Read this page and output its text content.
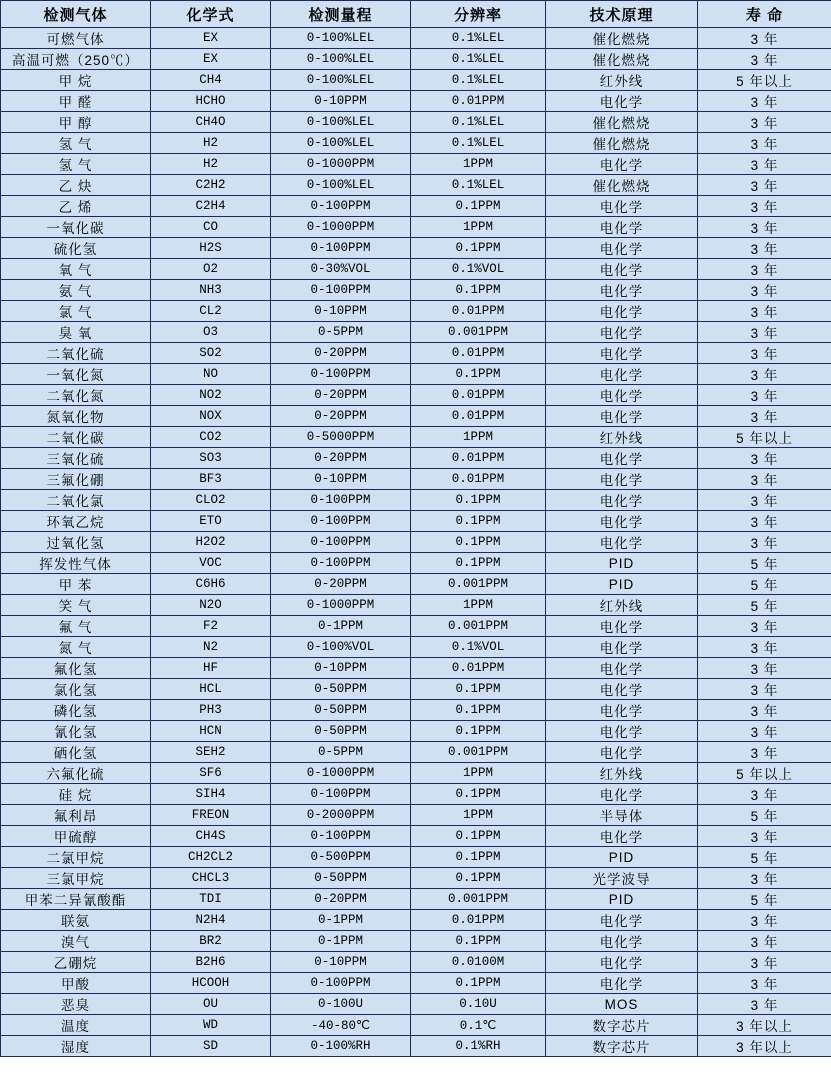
检测气体	化学式	检测量程	分辨率	技术原理	寿 命
可燃气体	EX	0-100%LEL	0.1%LEL	催化燃烧	3 年
高温可燃（250℃）	EX	0-100%LEL	0.1%LEL	催化燃烧	3 年
甲 烷	CH4	0-100%LEL	0.1%LEL	红外线	5 年以上
甲 醛	HCHO	0-10PPM	0.01PPM	电化学	3 年
甲 醇	CH4O	0-100%LEL	0.1%LEL	催化燃烧	3 年
氢 气	H2	0-100%LEL	0.1%LEL	催化燃烧	3 年
氢 气	H2	0-1000PPM	1PPM	电化学	3 年
乙 炔	C2H2	0-100%LEL	0.1%LEL	催化燃烧	3 年
乙 烯	C2H4	0-100PPM	0.1PPM	电化学	3 年
一氧化碳	CO	0-1000PPM	1PPM	电化学	3 年
硫化氢	H2S	0-100PPM	0.1PPM	电化学	3 年
氧 气	O2	0-30%VOL	0.1%VOL	电化学	3 年
氨 气	NH3	0-100PPM	0.1PPM	电化学	3 年
氯 气	CL2	0-10PPM	0.01PPM	电化学	3 年
臭 氧	O3	0-5PPM	0.001PPM	电化学	3 年
二氧化硫	SO2	0-20PPM	0.01PPM	电化学	3 年
一氧化氮	NO	0-100PPM	0.1PPM	电化学	3 年
二氧化氮	NO2	0-20PPM	0.01PPM	电化学	3 年
氮氧化物	NOX	0-20PPM	0.01PPM	电化学	3 年
二氧化碳	CO2	0-5000PPM	1PPM	红外线	5 年以上
三氧化硫	SO3	0-20PPM	0.01PPM	电化学	3 年
三氟化硼	BF3	0-10PPM	0.01PPM	电化学	3 年
二氧化氯	CLO2	0-100PPM	0.1PPM	电化学	3 年
环氧乙烷	ETO	0-100PPM	0.1PPM	电化学	3 年
过氧化氢	H2O2	0-100PPM	0.1PPM	电化学	3 年
挥发性气体	VOC	0-100PPM	0.1PPM	PID	5 年
甲 苯	C6H6	0-20PPM	0.001PPM	PID	5 年
笑 气	N2O	0-1000PPM	1PPM	红外线	5 年
氟 气	F2	0-1PPM	0.001PPM	电化学	3 年
氮 气	N2	0-100%VOL	0.1%VOL	电化学	3 年
氟化氢	HF	0-10PPM	0.01PPM	电化学	3 年
氯化氢	HCL	0-50PPM	0.1PPM	电化学	3 年
磷化氢	PH3	0-50PPM	0.1PPM	电化学	3 年
氰化氢	HCN	0-50PPM	0.1PPM	电化学	3 年
硒化氢	SEH2	0-5PPM	0.001PPM	电化学	3 年
六氟化硫	SF6	0-1000PPM	1PPM	红外线	5 年以上
硅 烷	SIH4	0-100PPM	0.1PPM	电化学	3 年
氟利昂	FREON	0-2000PPM	1PPM	半导体	5 年
甲硫醇	CH4S	0-100PPM	0.1PPM	电化学	3 年
二氯甲烷	CH2CL2	0-500PPM	0.1PPM	PID	5 年
三氯甲烷	CHCL3	0-50PPM	0.1PPM	光学波导	3 年
甲苯二异氰酸酯	TDI	0-20PPM	0.001PPM	PID	5 年
联氨	N2H4	0-1PPM	0.01PPM	电化学	3 年
溴气	BR2	0-1PPM	0.1PPM	电化学	3 年
乙硼烷	B2H6	0-10PPM	0.0100M	电化学	3 年
甲酸	HCOOH	0-100PPM	0.1PPM	电化学	3 年
恶臭	OU	0-100U	0.10U	MOS	3 年
温度	WD	-40-80℃	0.1℃	数字芯片	3 年以上
湿度	SD	0-100%RH	0.1%RH	数字芯片	3 年以上
